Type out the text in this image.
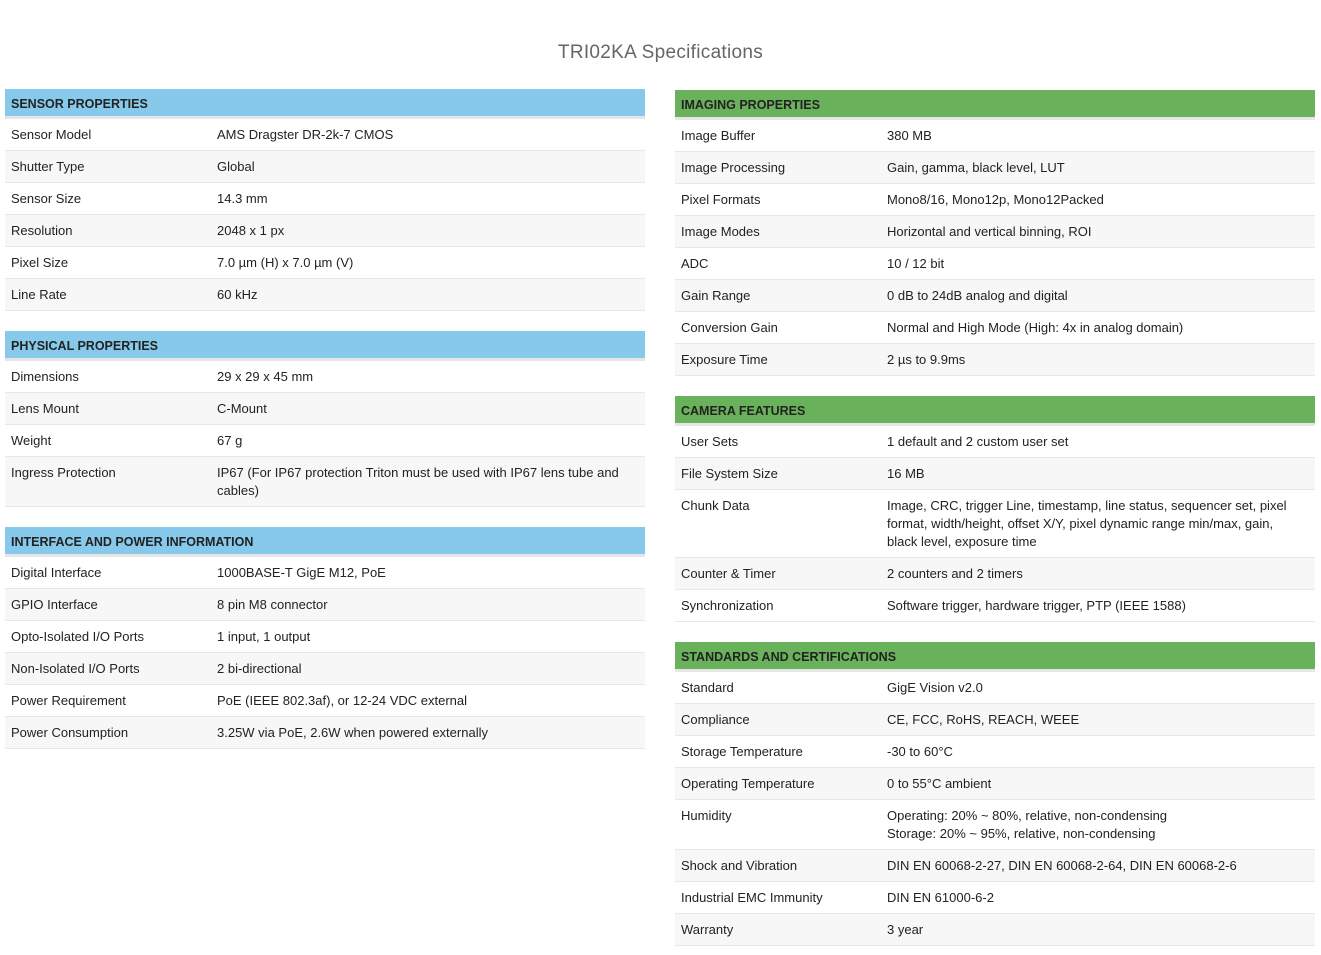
TRI02KA Specifications
SENSOR PROPERTIES
Sensor Model	AMS Dragster DR-2k-7 CMOS
Shutter Type	Global
Sensor Size	14.3 mm
Resolution	2048 x 1 px
Pixel Size	7.0 µm (H) x 7.0 µm (V)
Line Rate	60 kHz
PHYSICAL PROPERTIES
Dimensions	29 x 29 x 45 mm
Lens Mount	C-Mount
Weight	67 g
Ingress Protection	IP67 (For IP67 protection Triton must be used with IP67 lens tube and cables)
INTERFACE AND POWER INFORMATION
Digital Interface	1000BASE-T GigE M12, PoE
GPIO Interface	8 pin M8 connector
Opto-Isolated I/O Ports	1 input, 1 output
Non-Isolated I/O Ports	2 bi-directional
Power Requirement	PoE (IEEE 802.3af), or 12-24 VDC external
Power Consumption	3.25W via PoE, 2.6W when powered externally
IMAGING PROPERTIES
Image Buffer	380 MB
Image Processing	Gain, gamma, black level, LUT
Pixel Formats	Mono8/16, Mono12p, Mono12Packed
Image Modes	Horizontal and vertical binning, ROI
ADC	10 / 12 bit
Gain Range	0 dB to 24dB analog and digital
Conversion Gain	Normal and High Mode (High: 4x in analog domain)
Exposure Time	2 µs to 9.9ms
CAMERA FEATURES
User Sets	1 default and 2 custom user set
File System Size	16 MB
Chunk Data	Image, CRC, trigger Line, timestamp, line status, sequencer set, pixel format, width/height, offset X/Y, pixel dynamic range min/max, gain, black level, exposure time
Counter & Timer	2 counters and 2 timers
Synchronization	Software trigger, hardware trigger, PTP (IEEE 1588)
STANDARDS AND CERTIFICATIONS
Standard	GigE Vision v2.0
Compliance	CE, FCC, RoHS, REACH, WEEE
Storage Temperature	-30 to 60°C
Operating Temperature	0 to 55°C ambient
Humidity	Operating: 20% ~ 80%, relative, non-condensing
Storage: 20% ~ 95%, relative, non-condensing
Shock and Vibration	DIN EN 60068-2-27, DIN EN 60068-2-64, DIN EN 60068-2-6
Industrial EMC Immunity	DIN EN 61000-6-2
Warranty	3 year
